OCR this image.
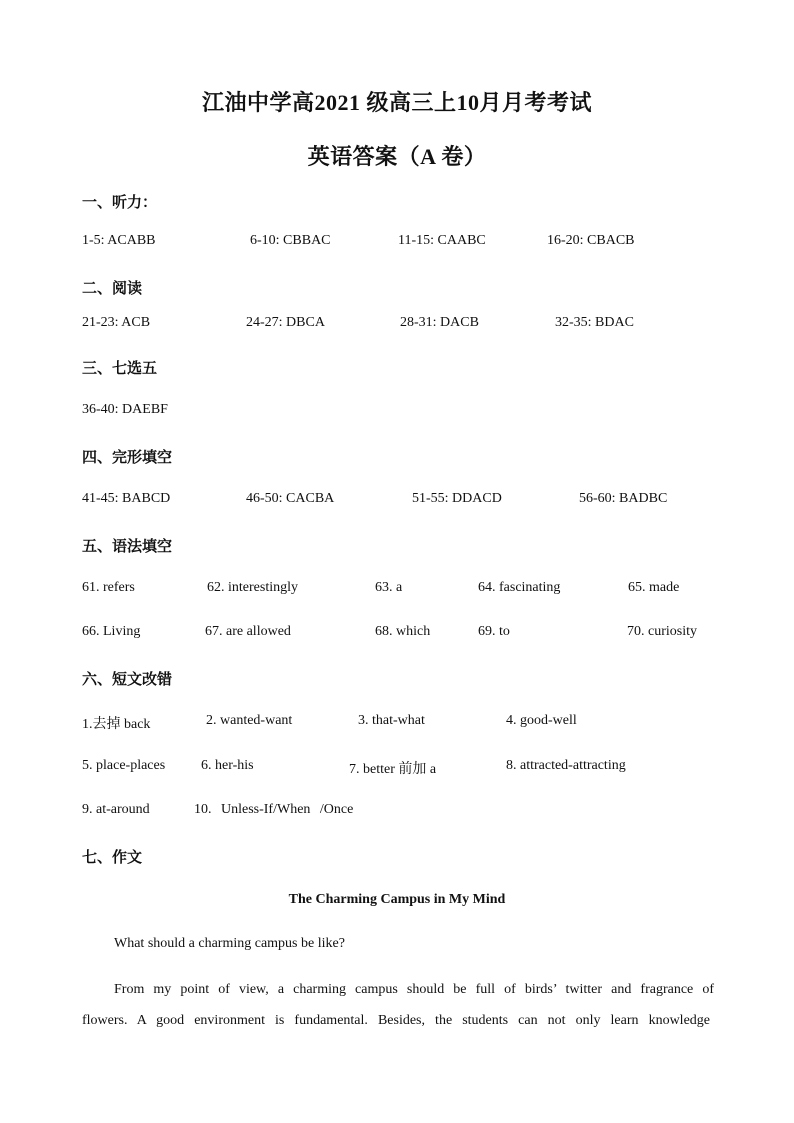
江油中学高2021 级高三上10月月考考试
英语答案（A 卷）
一、听力：
1-5: ACABB	6-10: CBBAC	11-15: CAABC	16-20: CBACB
二、阅读
21-23: ACB	24-27: DBCA	28-31: DACB	32-35: BDAC
三、七选五
36-40: DAEBF
四、完形填空
41-45: BABCD	46-50: CACBA	51-55: DDACD	56-60: BADBC
五、语法填空
61. refers	62. interestingly	63. a	64. fascinating	65. made
66. Living	67. are allowed	68. which	69. to	70. curiosity
六、短文改错
1.去掉 back	2. wanted-want	3. that-what	4. good-well
5. place-places	6. her-his	7. better 前加 a	8. attracted-attracting
9. at-around	10. Unless-If/When /Once
七、作文
The Charming Campus in My Mind
What should a charming campus be like?
From my point of view, a charming campus should be full of birds’ twitter and fragrance of
flowers. A good environment is fundamental. Besides, the students can not only learn knowledge
